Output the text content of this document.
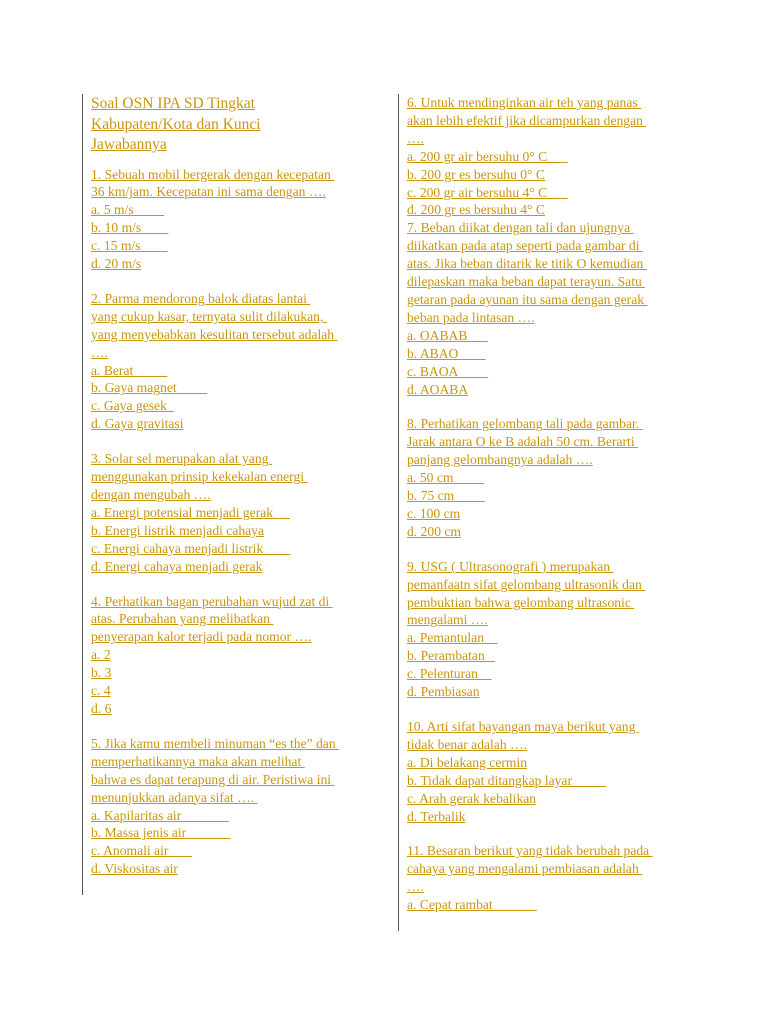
Soal OSN IPA SD Tingkat
Kabupaten/Kota dan Kunci
Jawabannya
1. Sebuah mobil bergerak dengan kecepatan
36 km/jam. Kecepatan ini sama dengan ….
a. 5 m/s
b. 10 m/s
c. 15 m/s
d. 20 m/s
2. Parma mendorong balok diatas lantai
yang cukup kasar, ternyata sulit dilakukan,
yang menyebabkan kesulitan tersebut adalah
….
a. Berat
b. Gaya magnet
c. Gaya gesek
d. Gaya gravitasi
3. Solar sel merupakan alat yang
menggunakan prinsip kekekalan energi
dengan mengubah ….
a. Energi potensial menjadi gerak
b. Energi listrik menjadi cahaya
c. Energi cahaya menjadi listrik
d. Energi cahaya menjadi gerak
4. Perhatikan bagan perubahan wujud zat di
atas. Perubahan yang melibatkan
penyerapan kalor terjadi pada nomor ….
a. 2
b. 3
c. 4
d. 6
5. Jika kamu membeli minuman “es the” dan
memperhatikannya maka akan melihat
bahwa es dapat terapung di air. Peristiwa ini
menunjukkan adanya sifat ….
a. Kapilaritas air
b. Massa jenis air
c. Anomali air
d. Viskositas air
6. Untuk mendinginkan air teh yang panas
akan lebih efektif jika dicampurkan dengan
….
a. 200 gr air bersuhu 0° C
b. 200 gr es bersuhu 0° C
c. 200 gr air bersuhu 4° C
d. 200 gr es bersuhu 4° C
7. Beban diikat dengan tali dan ujungnya
diikatkan pada atap seperti pada gambar di
atas. Jika beban ditarik ke titik O kemudian
dilepaskan maka beban dapat terayun. Satu
getaran pada ayunan itu sama dengan gerak
beban pada lintasan ….
a. OABAB
b. ABAO
c. BAOA
d. AOABA
8. Perhatikan gelombang tali pada gambar.
Jarak antara O ke B adalah 50 cm. Berarti
panjang gelombangnya adalah ….
a. 50 cm
b. 75 cm
c. 100 cm
d. 200 cm
9. USG ( Ultrasonografi ) merupakan
pemanfaatn sifat gelombang ultrasonik dan
pembuktian bahwa gelombang ultrasonic
mengalami ….
a. Pemantulan
b. Perambatan
c. Pelenturan
d. Pembiasan
10. Arti sifat bayangan maya berikut yang
tidak benar adalah ….
a. Di belakang cermin
b. Tidak dapat ditangkap layar
c. Arah gerak kebalikan
d. Terbalik
11. Besaran berikut yang tidak berubah pada
cahaya yang mengalami pembiasan adalah
….
a. Cepat rambat
